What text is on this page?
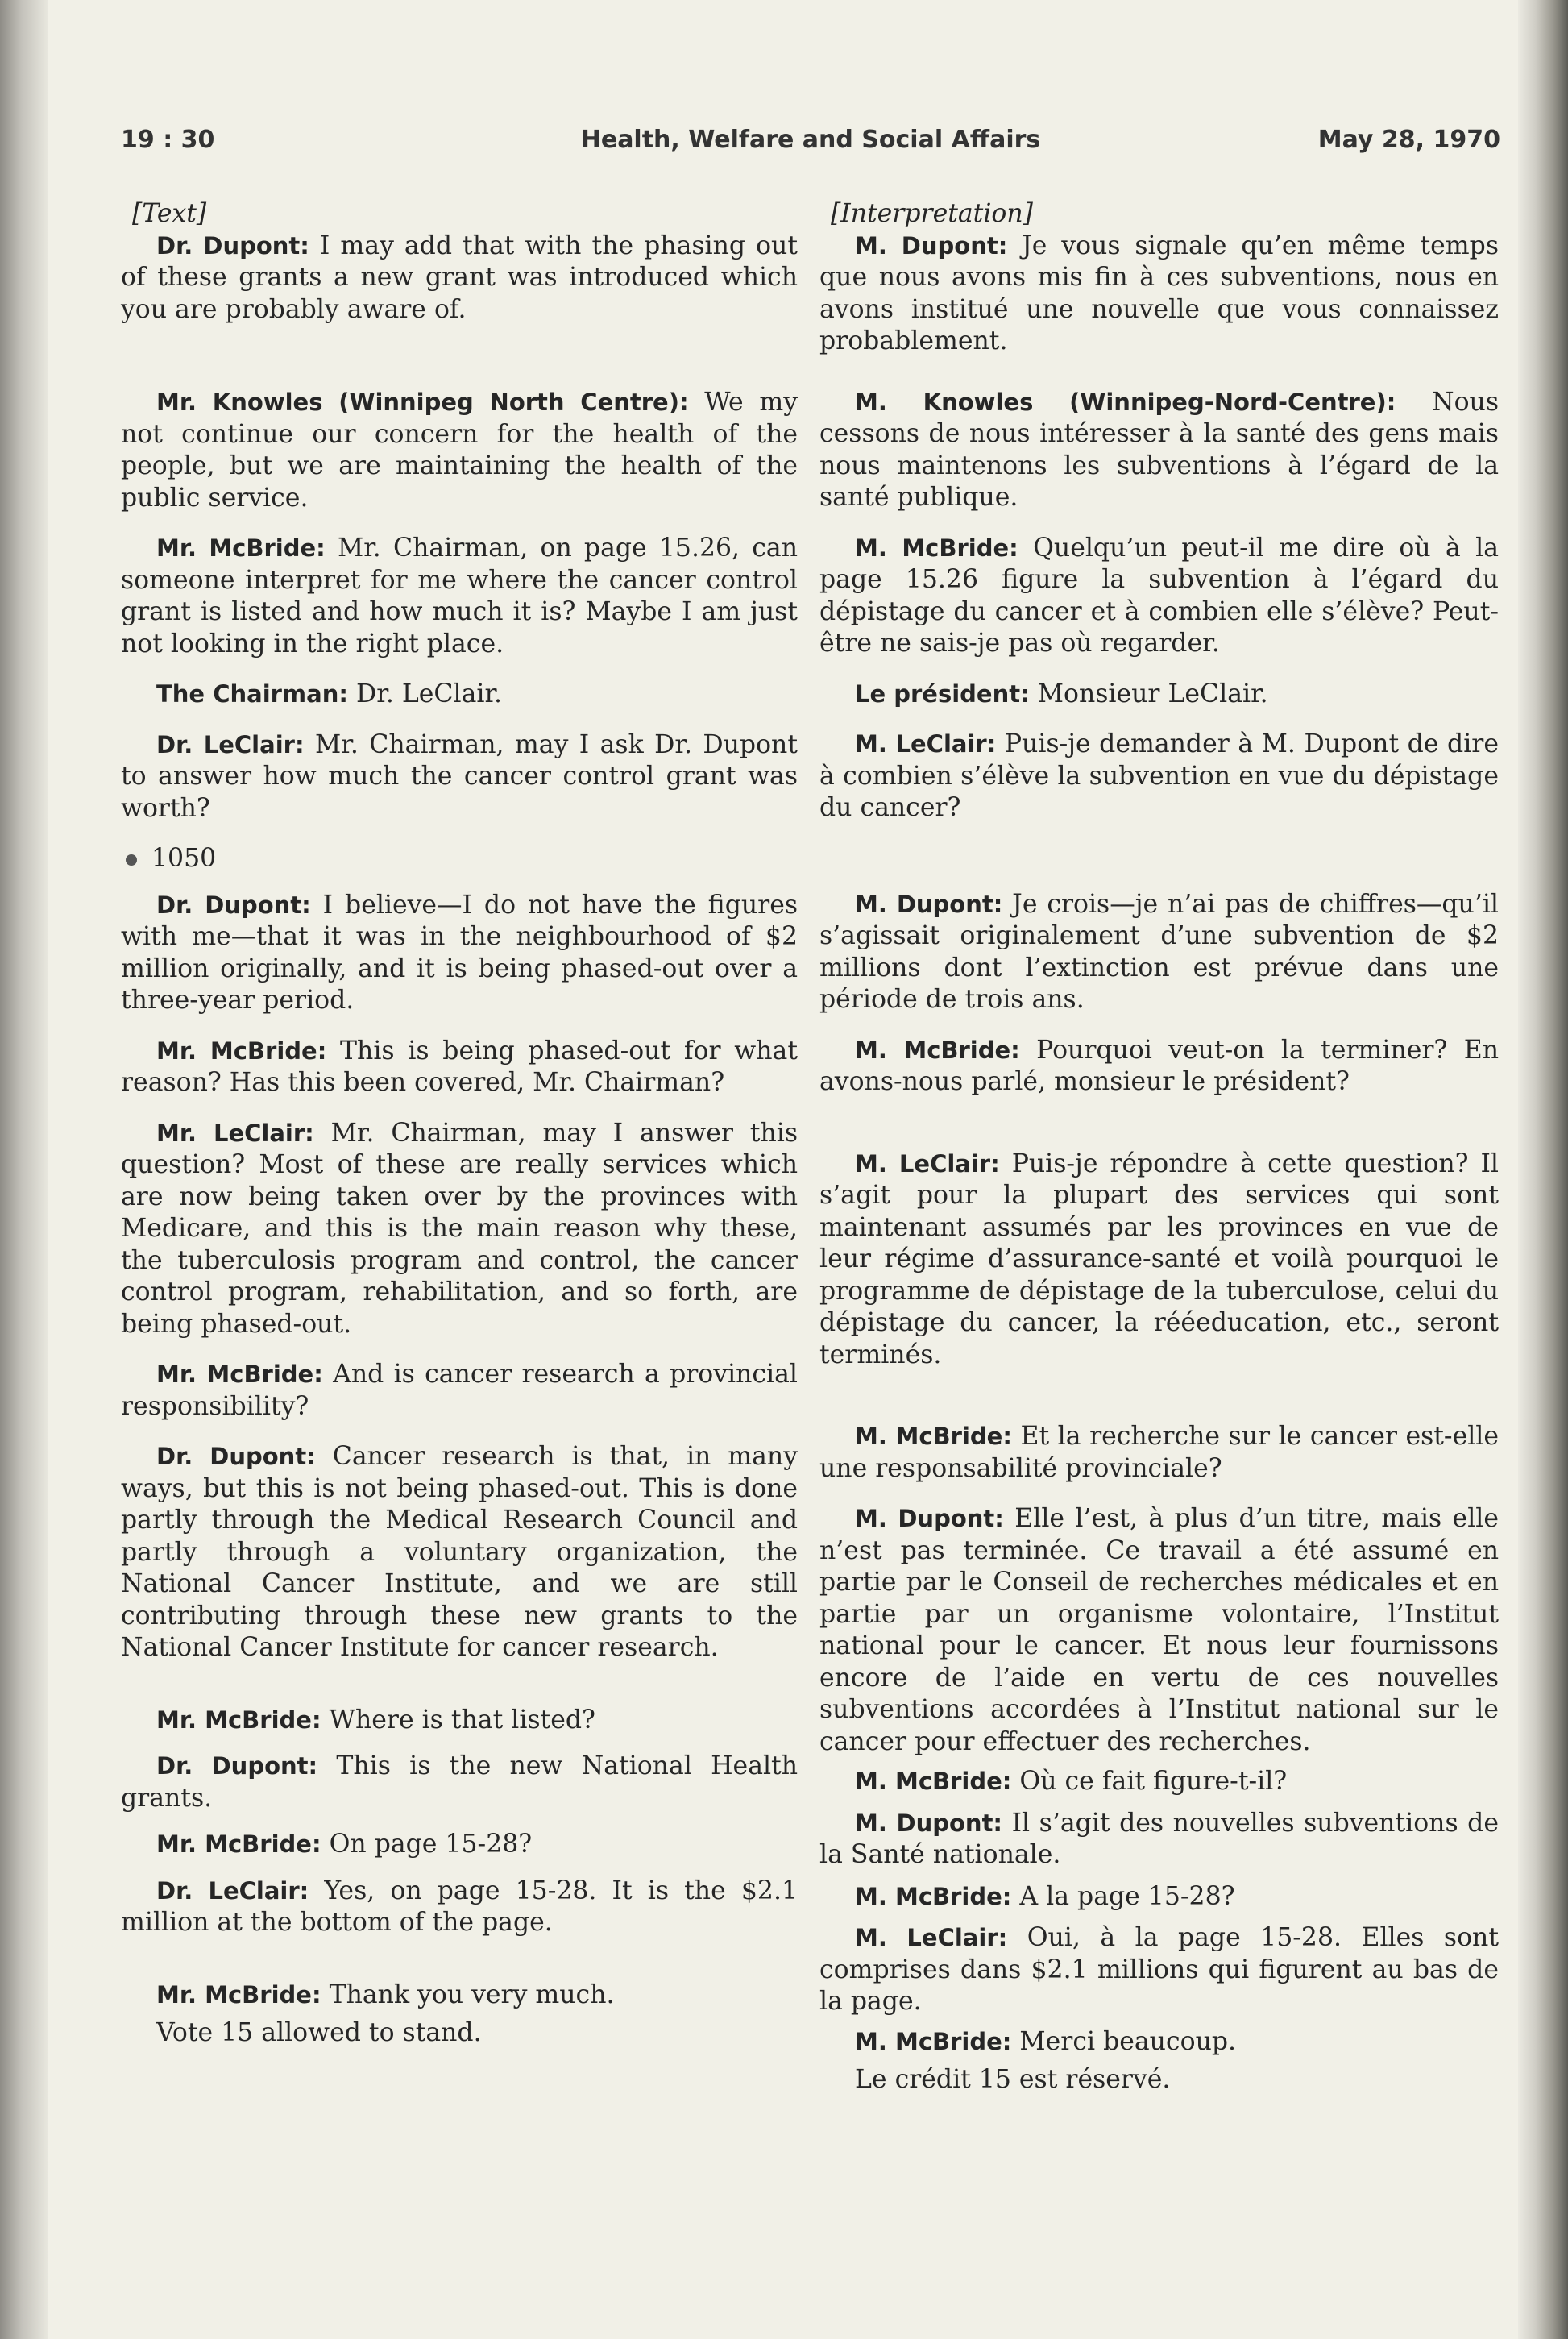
19 : 30	Health, Welfare and Social Affairs	May 28, 1970

[Text]

Dr. Dupont: I may add that with the phasing out of these grants a new grant was introduced which you are probably aware of.

Mr. Knowles (Winnipeg North Centre): We my not continue our concern for the health of the people, but we are maintaining the health of the public service.

Mr. McBride: Mr. Chairman, on page 15.26, can someone interpret for me where the cancer control grant is listed and how much it is? Maybe I am just not looking in the right place.

The Chairman: Dr. LeClair.

Dr. LeClair: Mr. Chairman, may I ask Dr. Dupont to answer how much the cancer control grant was worth?

1050

Dr. Dupont: I believe—I do not have the figures with me—that it was in the neighbourhood of $2 million originally, and it is being phased-out over a three-year period.

Mr. McBride: This is being phased-out for what reason? Has this been covered, Mr. Chairman?

Mr. LeClair: Mr. Chairman, may I answer this question? Most of these are really services which are now being taken over by the provinces with Medicare, and this is the main reason why these, the tuberculosis program and control, the cancer control program, rehabilitation, and so forth, are being phased-out.

Mr. McBride: And is cancer research a provincial responsibility?

Dr. Dupont: Cancer research is that, in many ways, but this is not being phased-out. This is done partly through the Medical Research Council and partly through a voluntary organization, the National Cancer Institute, and we are still contributing through these new grants to the National Cancer Institute for cancer research.

Mr. McBride: Where is that listed?

Dr. Dupont: This is the new National Health grants.

Mr. McBride: On page 15-28?

Dr. LeClair: Yes, on page 15-28. It is the $2.1 million at the bottom of the page.

Mr. McBride: Thank you very much.

Vote 15 allowed to stand.

[Interpretation]

M. Dupont: Je vous signale qu’en même temps que nous avons mis fin à ces subventions, nous en avons institué une nouvelle que vous connaissez probablement.

M. Knowles (Winnipeg-Nord-Centre): Nous cessons de nous intéresser à la santé des gens mais nous maintenons les subventions à l’égard de la santé publique.

M. McBride: Quelqu’un peut-il me dire où à la page 15.26 figure la subvention à l’égard du dépistage du cancer et à combien elle s’élève? Peut-être ne sais-je pas où regarder.

Le président: Monsieur LeClair.

M. LeClair: Puis-je demander à M. Dupont de dire à combien s’élève la subvention en vue du dépistage du cancer?

M. Dupont: Je crois—je n’ai pas de chiffres—qu’il s’agissait originalement d’une subvention de $2 millions dont l’extinction est prévue dans une période de trois ans.

M. McBride: Pourquoi veut-on la terminer? En avons-nous parlé, monsieur le président?

M. LeClair: Puis-je répondre à cette question? Il s’agit pour la plupart des services qui sont maintenant assumés par les provinces en vue de leur régime d’assurance-santé et voilà pourquoi le programme de dépistage de la tuberculose, celui du dépistage du cancer, la rééeducation, etc., seront terminés.

M. McBride: Et la recherche sur le cancer est-elle une responsabilité provinciale?

M. Dupont: Elle l’est, à plus d’un titre, mais elle n’est pas terminée. Ce travail a été assumé en partie par le Conseil de recherches médicales et en partie par un organisme volontaire, l’Institut national pour le cancer. Et nous leur fournissons encore de l’aide en vertu de ces nouvelles subventions accordées à l’Institut national sur le cancer pour effectuer des recherches.

M. McBride: Où ce fait figure-t-il?

M. Dupont: Il s’agit des nouvelles subventions de la Santé nationale.

M. McBride: A la page 15-28?

M. LeClair: Oui, à la page 15-28. Elles sont comprises dans $2.1 millions qui figurent au bas de la page.

M. McBride: Merci beaucoup.

Le crédit 15 est réservé.
